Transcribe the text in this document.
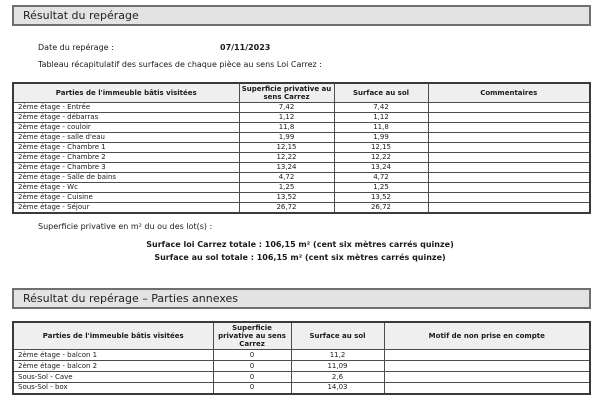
Résultat du repérage
Date du repérage :	07/11/2023
Tableau récapitulatif des surfaces de chaque pièce au sens Loi Carrez :
Parties de l'immeuble bâtis visitées	Superficie privative au sens Carrez	Surface au sol	Commentaires
2ème étage - Entrée	7,42	7,42	
2ème étage - débarras	1,12	1,12	
2ème étage - couloir	11,8	11,8	
2ème étage - salle d'eau	1,99	1,99	
2ème étage - Chambre 1	12,15	12,15	
2ème étage - Chambre 2	12,22	12,22	
2ème étage - Chambre 3	13,24	13,24	
2ème étage - Salle de bains	4,72	4,72	
2ème étage - Wc	1,25	1,25	
2ème étage - Cuisine	13,52	13,52	
2ème étage - Séjour	26,72	26,72	
Superficie privative en m² du ou des lot(s) :
Surface loi Carrez totale : 106,15 m² (cent six mètres carrés quinze)
Surface au sol totale : 106,15 m² (cent six mètres carrés quinze)
Résultat du repérage – Parties annexes
Parties de l'immeuble bâtis visitées	Superficie privative au sens Carrez	Surface au sol	Motif de non prise en compte
2ème étage - balcon 1	0	11,2	
2ème étage - balcon 2	0	11,09	
Sous-Sol - Cave	0	2,6	
Sous-Sol - box	0	14,03	
